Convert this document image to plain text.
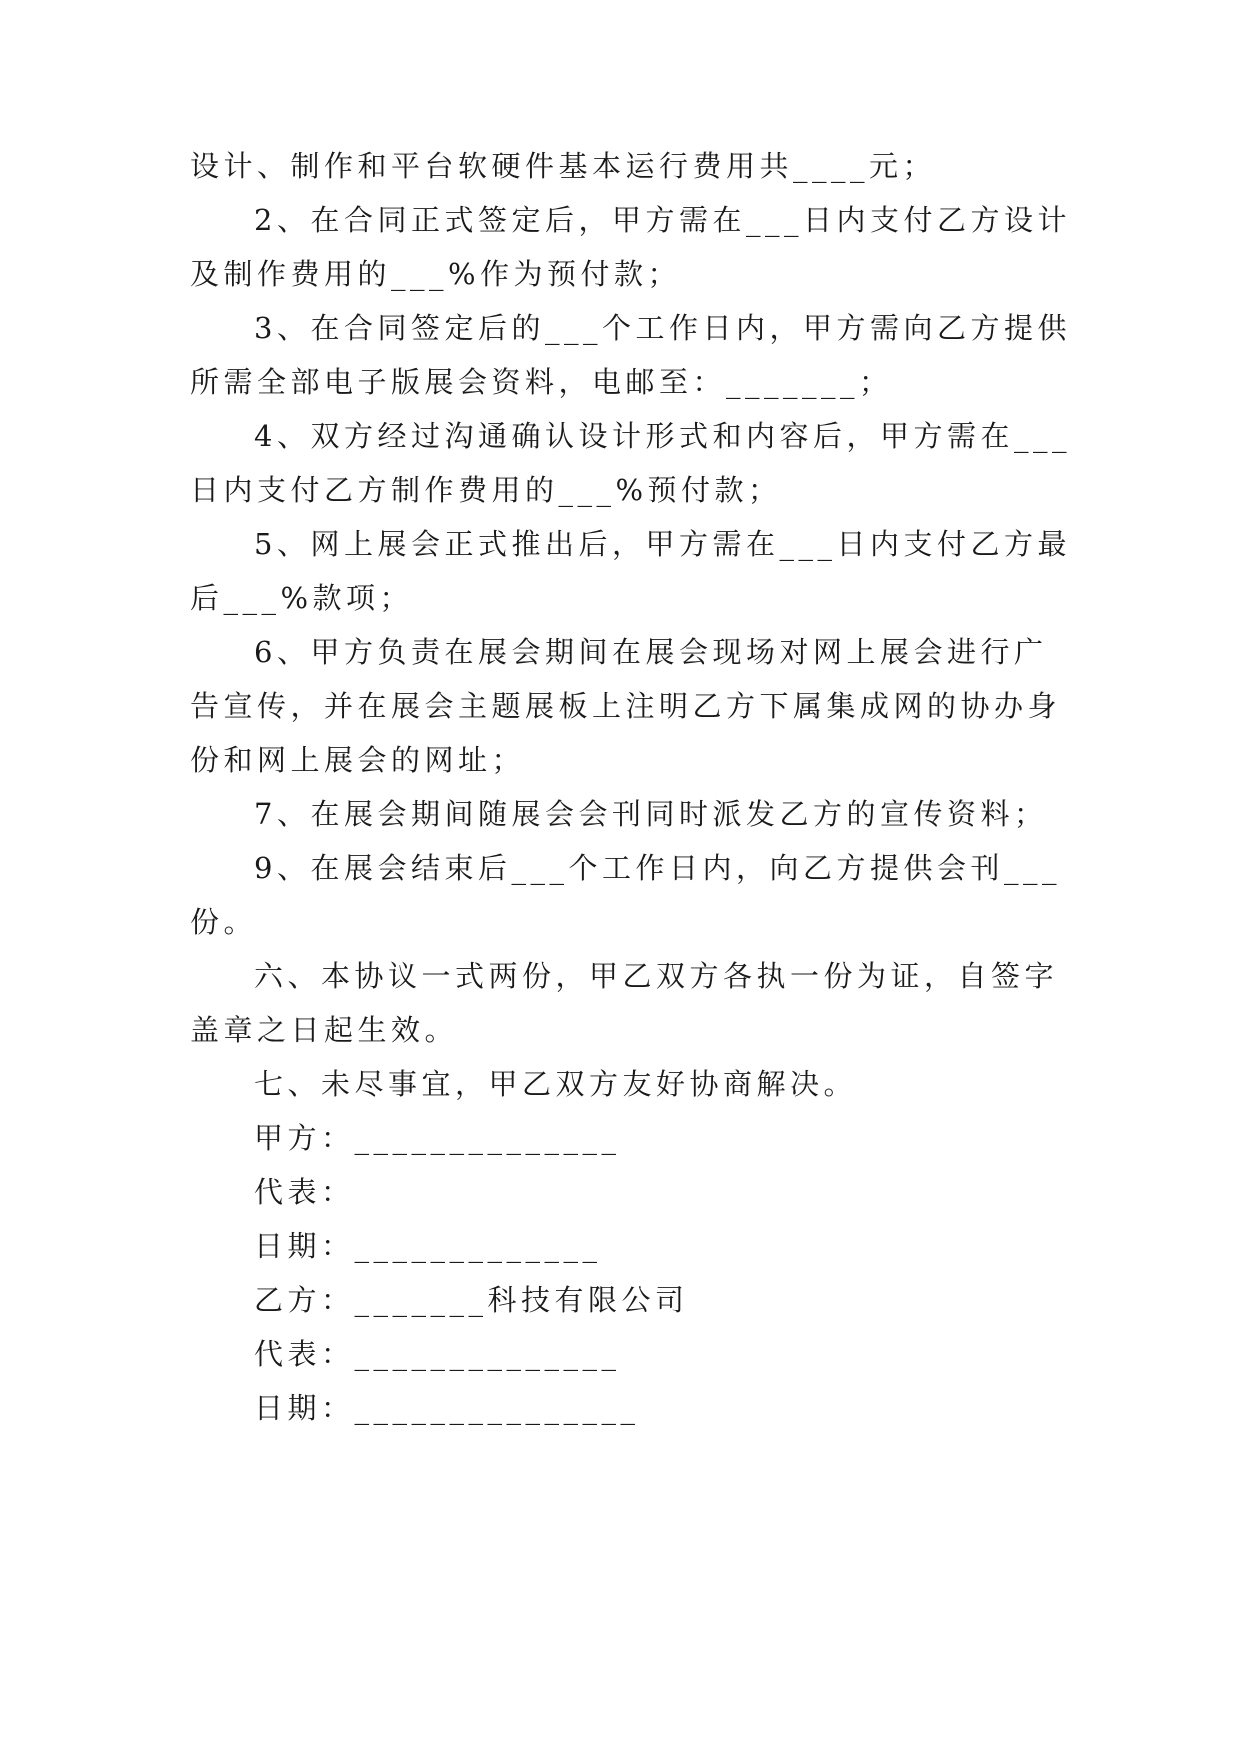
设计、制作和平台软硬件基本运行费用共____元；
2、在合同正式签定后，甲方需在___日内支付乙方设计
及制作费用的___%作为预付款；
3、在合同签定后的___个工作日内，甲方需向乙方提供
所需全部电子版展会资料，电邮至：_______；
4、双方经过沟通确认设计形式和内容后，甲方需在___
日内支付乙方制作费用的___%预付款；
5、网上展会正式推出后，甲方需在___日内支付乙方最
后___%款项；
6、甲方负责在展会期间在展会现场对网上展会进行广
告宣传，并在展会主题展板上注明乙方下属集成网的协办身
份和网上展会的网址；
7、在展会期间随展会会刊同时派发乙方的宣传资料；
9、在展会结束后___个工作日内，向乙方提供会刊___
份。
六、本协议一式两份，甲乙双方各执一份为证，自签字
盖章之日起生效。
七、未尽事宜，甲乙双方友好协商解决。
甲方：______________
代表：
日期：_____________
乙方：_______科技有限公司
代表：______________
日期：_______________
